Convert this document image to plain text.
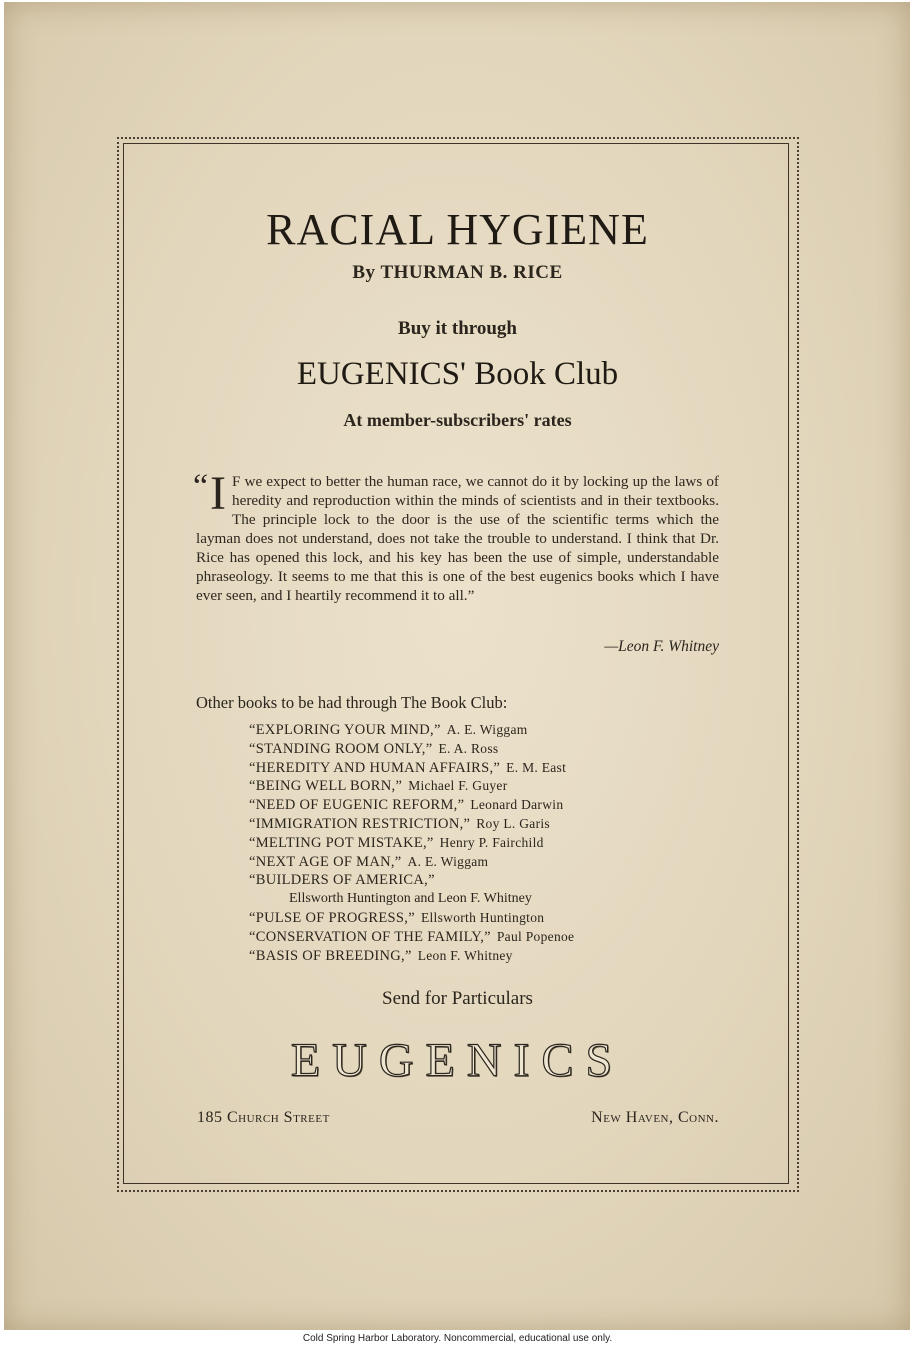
RACIAL HYGIENE
By THURMAN B. RICE
Buy it through
EUGENICS' Book Club
At member-subscribers' rates
“ I F we expect to better the human race, we cannot do it by locking up the laws of heredity and reproduction within the minds of scientists and in their textbooks. The principle lock to the door is the use of the scientific terms which the layman does not understand, does not take the trouble to understand. I think that Dr. Rice has opened this lock, and his key has been the use of simple, understandable phraseology. It seems to me that this is one of the best eugenics books which I have ever seen, and I heartily recommend it to all.”
—Leon F. Whitney
Other books to be had through The Book Club:
“EXPLORING YOUR MIND,” A. E. Wiggam
“STANDING ROOM ONLY,” E. A. Ross
“HEREDITY AND HUMAN AFFAIRS,” E. M. East
“BEING WELL BORN,” Michael F. Guyer
“NEED OF EUGENIC REFORM,” Leonard Darwin
“IMMIGRATION RESTRICTION,” Roy L. Garis
“MELTING POT MISTAKE,” Henry P. Fairchild
“NEXT AGE OF MAN,” A. E. Wiggam
“BUILDERS OF AMERICA,”
Ellsworth Huntington and Leon F. Whitney
“PULSE OF PROGRESS,” Ellsworth Huntington
“CONSERVATION OF THE FAMILY,” Paul Popenoe
“BASIS OF BREEDING,” Leon F. Whitney
Send for Particulars
EUGENICS
185 Church Street	New Haven, Conn.
Cold Spring Harbor Laboratory. Noncommercial, educational use only.
